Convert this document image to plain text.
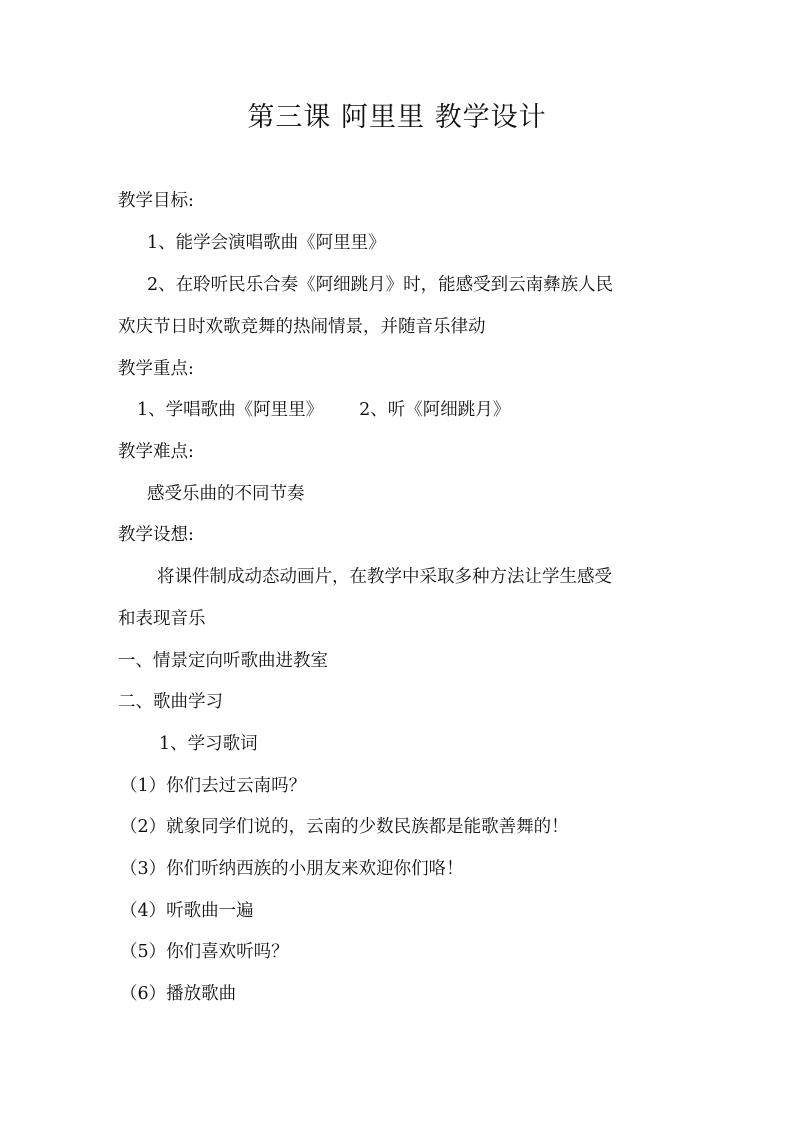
第三课 阿里里 教学设计
教学目标:
1、能学会演唱歌曲《阿里里》
2、在聆听民乐合奏《阿细跳月》时，能感受到云南彝族人民
欢庆节日时欢歌竞舞的热闹情景，并随音乐律动
教学重点:
1、学唱歌曲《阿里里》 2、听《阿细跳月》
教学难点:
感受乐曲的不同节奏
教学设想:
将课件制成动态动画片，在教学中采取多种方法让学生感受
和表现音乐
一、情景定向听歌曲进教室
二、歌曲学习
1、学习歌词
（1）你们去过云南吗？
（2）就象同学们说的，云南的少数民族都是能歌善舞的！
（3）你们听纳西族的小朋友来欢迎你们咯！
（4）听歌曲一遍
（5）你们喜欢听吗？
（6）播放歌曲
